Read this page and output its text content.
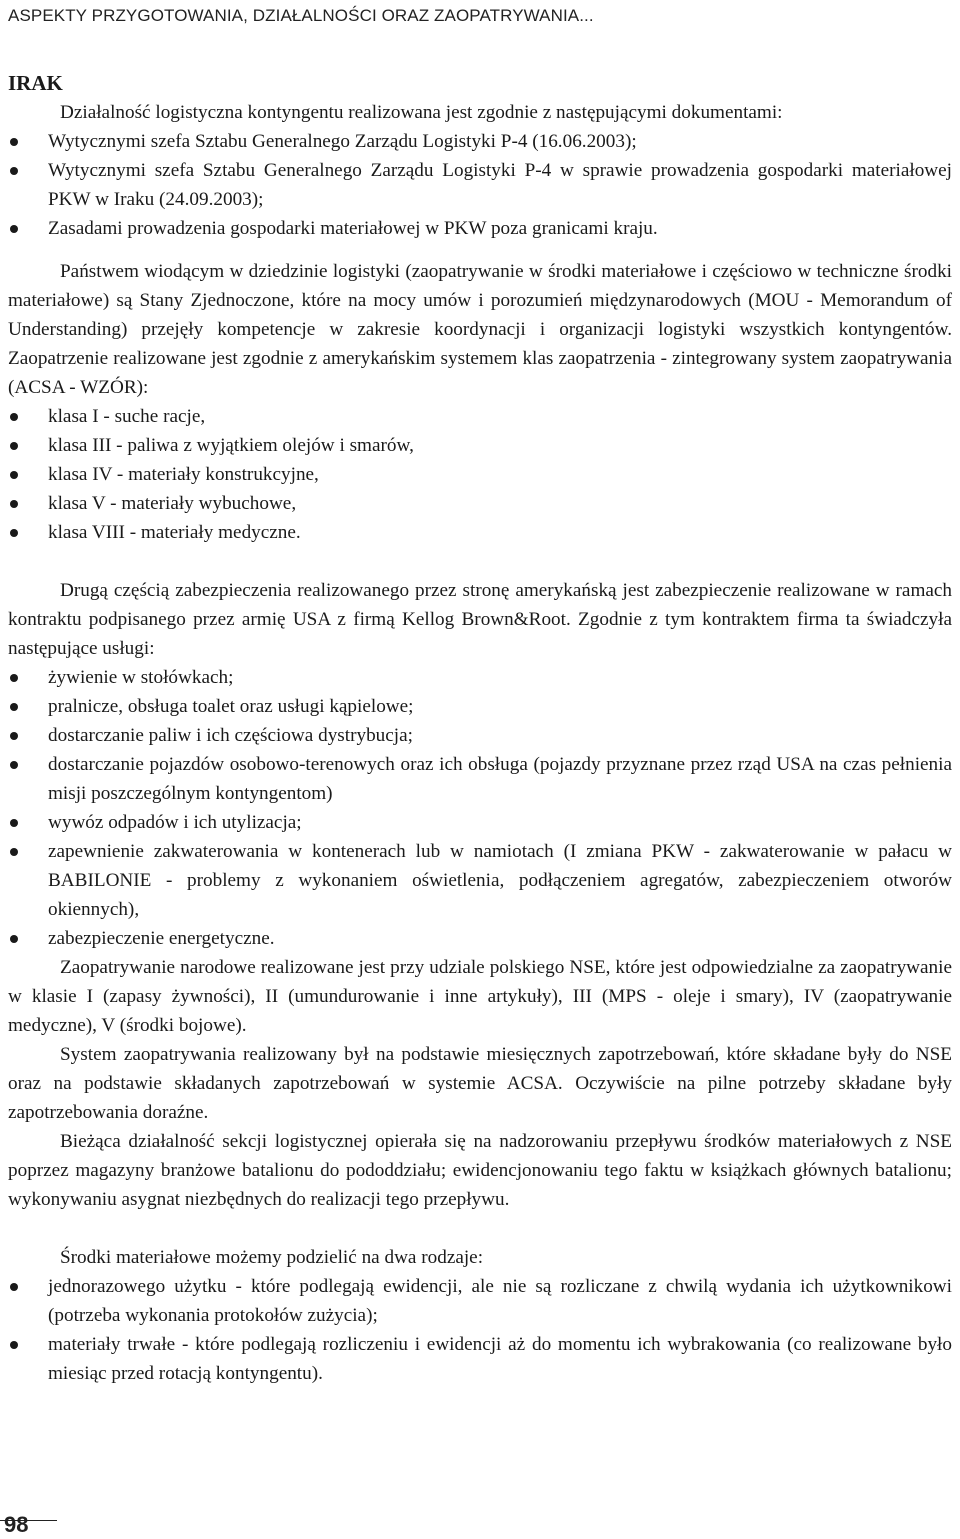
ASPEKTY PRZYGOTOWANIA, DZIAŁALNOŚCI ORAZ ZAOPATRYWANIA...
IRAK

Działalność logistyczna kontyngentu realizowana jest zgodnie z następującymi dokumentami:

Wytycznymi szefa Sztabu Generalnego Zarządu Logistyki P-4 (16.06.2003);
Wytycznymi szefa Sztabu Generalnego Zarządu Logistyki P-4 w sprawie prowadzenia gospodarki materiałowej PKW w Iraku (24.09.2003);
Zasadami prowadzenia gospodarki materiałowej w PKW poza granicami kraju.

Państwem wiodącym w dziedzinie logistyki (zaopatrywanie w środki materiałowe i częściowo w techniczne środki materiałowe) są Stany Zjednoczone, które na mocy umów i porozumień międzynarodowych (MOU - Memorandum of Understanding) przejęły kompetencje w zakresie koordynacji i organizacji logistyki wszystkich kontyngentów. Zaopatrzenie realizowane jest zgodnie z amerykańskim systemem klas zaopatrzenia - zintegrowany system zaopatrywania (ACSA - WZÓR):

klasa I - suche racje,
klasa III - paliwa z wyjątkiem olejów i smarów,
klasa IV - materiały konstrukcyjne,
klasa V - materiały wybuchowe,
klasa VIII - materiały medyczne.

Drugą częścią zabezpieczenia realizowanego przez stronę amerykańską jest zabezpieczenie realizowane w ramach kontraktu podpisanego przez armię USA z firmą Kellog Brown&Root. Zgodnie z tym kontraktem firma ta świadczyła następujące usługi:

żywienie w stołówkach;
pralnicze, obsługa toalet oraz usługi kąpielowe;
dostarczanie paliw i ich częściowa dystrybucja;
dostarczanie pojazdów osobowo-terenowych oraz ich obsługa (pojazdy przyznane przez rząd USA na czas pełnienia misji poszczególnym kontyngentom)
wywóz odpadów i ich utylizacja;
zapewnienie zakwaterowania w kontenerach lub w namiotach (I zmiana PKW - zakwaterowanie w pałacu w BABILONIE - problemy z wykonaniem oświetlenia, podłączeniem agregatów, zabezpieczeniem otworów okiennych),
zabezpieczenie energetyczne.

Zaopatrywanie narodowe realizowane jest przy udziale polskiego NSE, które jest odpowiedzialne za zaopatrywanie w klasie I (zapasy żywności), II (umundurowanie i inne artykuły), III (MPS - oleje i smary), IV (zaopatrywanie medyczne), V (środki bojowe).

System zaopatrywania realizowany był na podstawie miesięcznych zapotrzebowań, które składane były do NSE oraz na podstawie składanych zapotrzebowań w systemie ACSA. Oczywiście na pilne potrzeby składane były zapotrzebowania doraźne.

Bieżąca działalność sekcji logistycznej opierała się na nadzorowaniu przepływu środków materiałowych z NSE poprzez magazyny branżowe batalionu do pododdziału; ewidencjonowaniu tego faktu w książkach głównych batalionu; wykonywaniu asygnat niezbędnych do realizacji tego przepływu.

Środki materiałowe możemy podzielić na dwa rodzaje:

jednorazowego użytku - które podlegają ewidencji, ale nie są rozliczane z chwilą wydania ich użytkownikowi (potrzeba wykonania protokołów zużycia);
materiały trwałe - które podlegają rozliczeniu i ewidencji aż do momentu ich wybrakowania (co realizowane było miesiąc przed rotacją kontyngentu).
98
